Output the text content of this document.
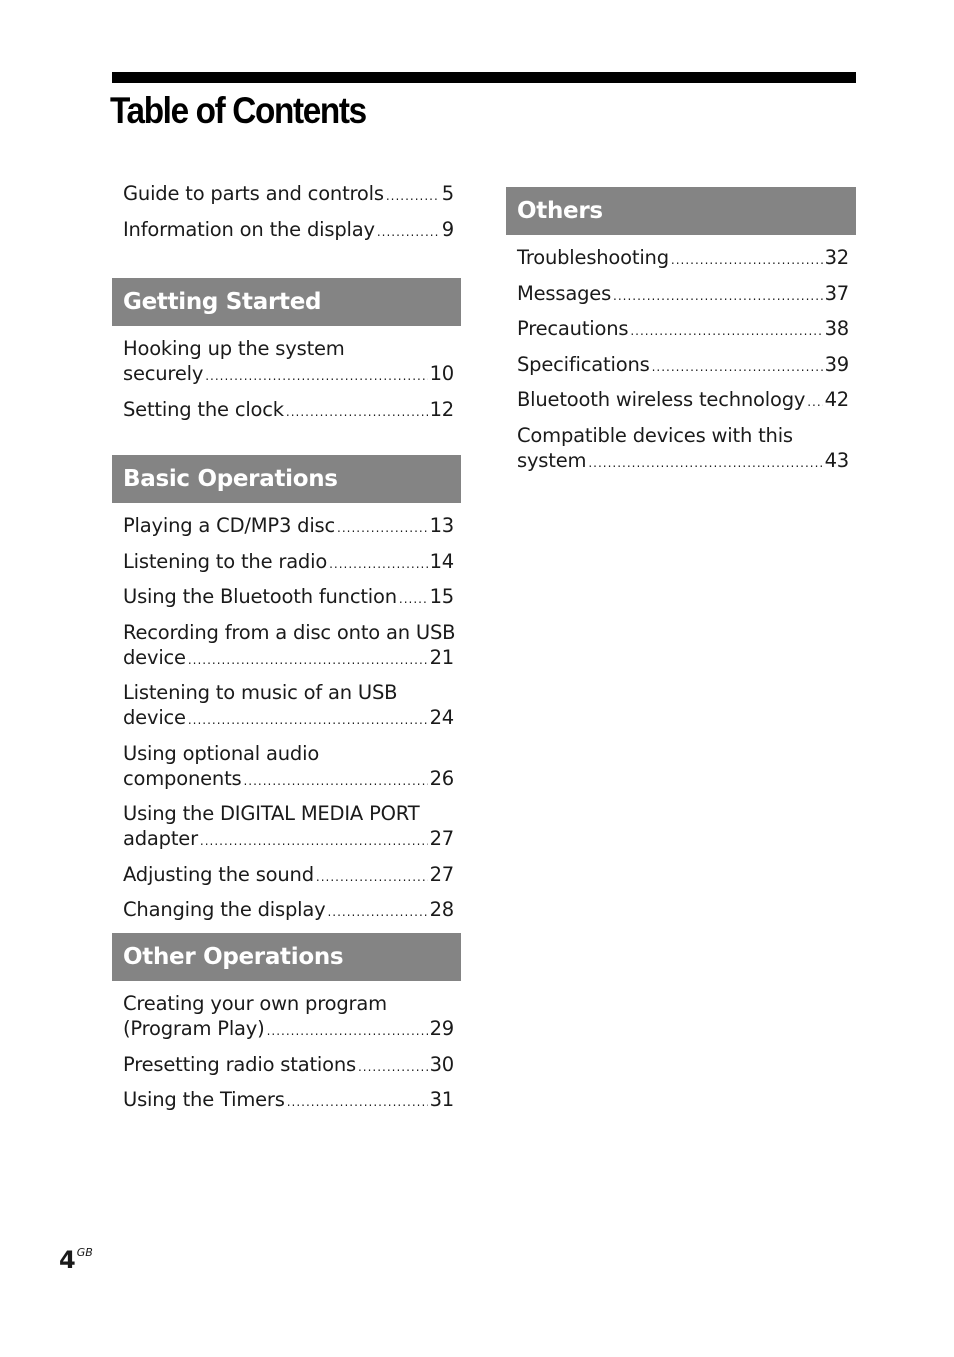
Table of Contents
Guide to parts and controls .....	5
Information on the display .....	9
Getting Started
Hooking up the system
securely .....	10
Setting the clock .....	12
Basic Operations
Playing a CD/MP3 disc .....	13
Listening to the radio .....	14
Using the Bluetooth function ..... 15
Recording from a disc onto an USB
device .....	21
Listening to music of an USB
device .....	24
Using optional audio
components .....	26
Using the DIGITAL MEDIA PORT
adapter .....	27
Adjusting the sound .....	27
Changing the display .....	28
Other Operations
Creating your own program
(Program Play) .....	29
Presetting radio stations .....	30
Using the Timers .....	31
Others
Troubleshooting .....	32
Messages .....	37
Precautions .....	38
Specifications .....	39
Bluetooth wireless technology ..... 42
Compatible devices with this
system .....	43
$4^{GB}$
